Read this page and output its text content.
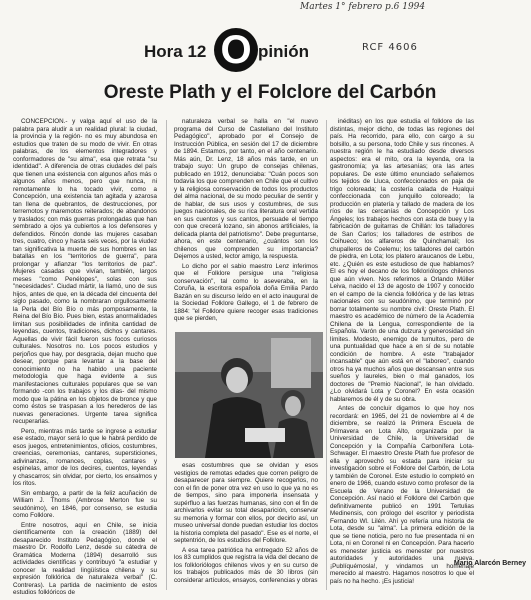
Martes 1° febrero p.6 1994
Hora 12 O pinión	RCF 4606
Oreste Plath y el Folclore del Carbón

CONCEPCION.- y valga aquí el uso de la palabra para aludir a un realidad plural: la ciudad, la provincia y la región- no es muy abundosa en estudios que traten de su modo de vivir. En otras palabras, de los elementos integradores y conformadores de "su alma", esa que retrata "su identidad". A diferencia de otras ciudades del país que tienen una existencia con algunos años más o algunos años menos, pero que nunca, ni remotamente lo ha tocado vivir, como a Concepción, una existencia tan agitada y azarosa tan llena de quebrantos, de destrucciones, por terremotos y maremotos reiterados; de abandonos y traslados; con más guerras prolongadas que han sembrado a ojos ya cubiertos a los defensores y defendidos. Rincón donde las mujeres casaban tres, cuatro, cinco y hasta seis veces, por la viudez tan significativa la muerte de sus hombres en las batallas en los "territorios de guerra", para prolongar y afianzar "los territorios de paz". Mujeres casadas que vivían, también, largos meses "como Penélopes", solas con sus "necesidades". Ciudad mártir, la llamó, uno de sus hijos, antes de que, en la década del cincuenta del siglo pasado, como la nombraran orgullosamente la Perla del Bío Bío o más pomposamente, la Reina del Bío Bío. Pues bien, estas anormalidades limitan sus posibilidades de infinita cantidad de leyendas, cuentos, tradiciones, dichos y cantares. Aquellas de vivir fácil fueron sus focos curiosos culturales. Nosotros no. Los pocos estudios y perjoños que hay, por desgracia, dejan mucho que desear, porque para levantar a la base del conocimiento no ha habido una paciente metodología que haga evidente a sus manifestaciones culturales populares que se van formando -con los trabajos y los días- del mismo modo que la pátina en los objetos de bronce y que como éstos se traspasan a los herederos de las nuevas generaciones. Urgente tarea significa recuperarlas.

Pero, mientras más tarde se ingrese a estudiar ese estado, mayor será lo que le habrá perdido de esos juegos, entretenimientos, oficios, costumbres, creencias, ceremonias, cantares, supersticiones, adivinanzas, romances, coplas, cantares y espinelas, amor de los decires, cuentos, leyendas y chascarros; sin olvidar, por cierto, los ensalmos y los ritos.

Sin embargo, a partir de la feliz acuñación de William J. Thoms (Ambrose Merton fue su seudónimo), en 1846, por consenso, se estudia como Folklore.

Entre nosotros, aquí en Chile, se inicia científicamente con la creación (1889) del desaparecido Instituto Pedagógico, donde el maestro Dr. Rodolfo Lenz, desde su cátedra de Gramática Moderna (1894) desarrolló sus actividades científicas y contribuyó "a estudiar y conocer la realidad lingüística chilena y su expresión folklórica de naturaleza verbal" (C. Contreras). La partida de nacimiento de estos estudios folklóricos de

naturaleza verbal se halla en "el nuevo programa del Curso de Castellano del Instituto Pedagógico", aprobado por el Consejo de Instrucción Pública, en sesión del 17 de diciembre de 1894. Estamos, por tanto, en el año centenario. Más aún, Dr. Lenz, 18 años más tarde, en un trabajo suyo: Un grupo de consejas chilenas, publicado en 1912, denunciaba: "Cuán pocos son todavía los que comprenden en Chile que el cultivo y la religiosa conservación de todos los productos del alma nacional, de su modo peculiar de sentir y de hablar, de sus usos y costumbres, de sus juegos nacionales, de su rica literatura oral vertida en sus cuentos y sus cantos, persuade el tiempo con que crecerá lozano, sin abonos artificiales, la delicada planta del patriotismo". Debe preguntarse, ahora, en este centenario, ¿cuántos son los chilenos que comprenden su importancia? Dejemos a usted, lector amigo, la respuesta.

Lo dicho por el sabio maestro Lenz inferimos que el Folklore persigue una "religiosa conservación", tal como lo aseveraba, en la Coruña, la escritora española doña Emilia Pardo Bazán en su discurso leído en el acto inaugural de la Sociedad Folklore Gallego, el 1 de febrero de 1884: "el Folklore quiere recoger esas tradiciones que se pierden,

esas costumbres que se olvidan y esos vestigios de remotas edades que corren peligro de desaparecer para siempre. Quiere recogerlos, no con el fin de poner otra vez en uso lo que ya no es de tiempos, sino para imponerla insensata y supérfluo a las fuerzas humanas, sino con el fin de archivarlos evitar su total desaparición, conservar su memoria y formar con ellos, por decirlo así, un museo universal donde puedan estudiar los doctos la historia completa del pasado". Ese es el norte, el septentrión, de los estudios del Folklore.

A esa tarea patriótica ha entregado 52 años de los 83 cumplidos que registra la vida del decano de los folkloriólogos chilenos vivos y en su curso de los trabajos publicados más de 30 libros (sin considerar artículos, ensayos, conferencias y obras

inéditas) en los que estudia el folklore de las distintas, mejor dicho, de todas las regiones del país. Ha recorrido, para ello, con cargo a su bolsillo, a su persona, todo Chile y sus rincones. A nuestra región le ha estudiado desde diversos aspectos: era el mito, ora la leyenda, ora la gastronomía; ya las artesanías; ora las artes populares. De este último enunciado señalemos los tejidos de Lluca, confeccionados en paja de trigo coloreada; la costería calada de Hualqui confeccionada con junquillo coloreado; la producción en platería y tallado de madera de los ríos de las cercanías de Concepción y Los Ángeles; los trabajos hechos con asta de buey y la fabricación de guitarras de Chillán: los talladores de San Carlos; los talladores de estribos de Coihueco; los alfareros de Quinchamalí; los chupalleros de Coelemu; los talladores del carbón de piedra, en Lota; los platero araucanos de Lebu, etc. ¿Quién es este estudioso de que hablamos? El es hoy el decano de los folkloriólogos chilenos que aún viven. Nos referimos a Orlando Müller Leiva, nacido el 13 de agosto de 1907 y conocido en el campo de la ciencia folklórica y de las letras nacionales con su seudónimo, que terminó por borrar totalmente su nombre civil: Oreste Plath. El maestro es académico de número de la Academia Chilena de la Lengua, correspondiente de la Española. Varón de una dulzura y generosidad sin límites. Modesto, enemigo de tumultos, pero de una puntualidad que hace a en sí de su notable condición de hombre. A este "trabajador incansable" que aún está en el "laboreo", cuando otros ha ya muchos años que descansan entre sus sueños y laureles, bien o mal ganados, los doctores de "Premio Nacional", le han olvidado. ¿Lo olvidará Lota y Coronel? En esta ocasión hablaremos de él y de su obra.

Antes de concluir digamos lo que hoy nos recordará: en 1965, del 21 de noviembre al 4 de diciembre, se realizó la Primera Escuela de Primavera en Lota Alto, organizada por la Universidad de Chile, la Universidad de Concepción y la Compañía Carbonífera Lota-Schwager. El maestro Oreste Plath fue profesor de ella y aprovechó su estada para iniciar su investigación sobre el Folklore del Carbón, de Lota y también de Coronel. Este estudio lo completó en enero de 1966, cuando estuvo como profesor de la Escuela de Verano de la Universidad de Concepción. Así nació el Folklore del Carbón que definitivamente publicó en 1991 Tertulias Medinensis, con prólogo del escritor y periodista Fernando Wl. Lilén. Ahí yo refería una historia de Lota, desde su "alma". La primera edición de la que se tiene noticia, pero no fue presentada ni en Lota, ni en Coronel ni en Concepción. Para hacerlo es menester justicia es menester por nuestros autoridades y autoridades una nueva. ¡Publíquémosla!, y vindamos un homenaje merecido al maestro. Hagamos nosotros lo que el país no ha hecho. ¡Es justicia!

Mario Alarcón Berney
